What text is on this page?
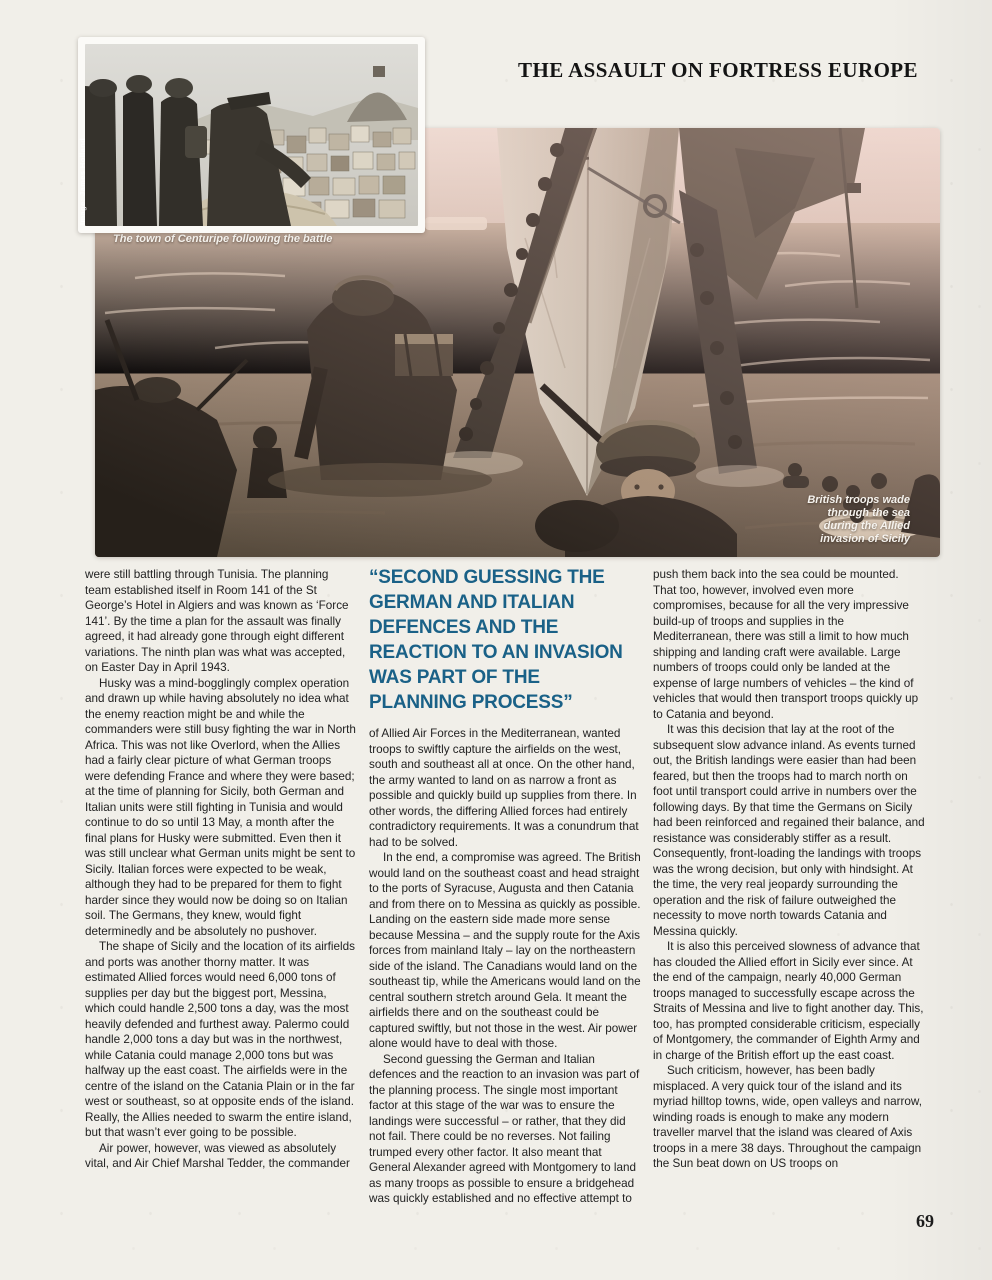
THE ASSAULT ON FORTRESS EUROPE
The town of Centuripe following the battle
British troops wade
through the sea
during the Allied
invasion of Sicily
Image: James Holland

were still battling through Tunisia. The planning team established itself in Room 141 of the St George’s Hotel in Algiers and was known as ‘Force 141’. By the time a plan for the assault was finally agreed, it had already gone through eight different variations. The ninth plan was what was accepted, on Easter Day in April 1943.

Husky was a mind-bogglingly complex operation and drawn up while having absolutely no idea what the enemy reaction might be and while the commanders were still busy fighting the war in North Africa. This was not like Overlord, when the Allies had a fairly clear picture of what German troops were defending France and where they were based; at the time of planning for Sicily, both German and Italian units were still fighting in Tunisia and would continue to do so until 13 May, a month after the final plans for Husky were submitted. Even then it was still unclear what German units might be sent to Sicily. Italian forces were expected to be weak, although they had to be prepared for them to fight harder since they would now be doing so on Italian soil. The Germans, they knew, would fight determinedly and be absolutely no pushover.

The shape of Sicily and the location of its airfields and ports was another thorny matter. It was estimated Allied forces would need 6,000 tons of supplies per day but the biggest port, Messina, which could handle 2,500 tons a day, was the most heavily defended and furthest away. Palermo could handle 2,000 tons a day but was in the northwest, while Catania could manage 2,000 tons but was halfway up the east coast. The airfields were in the centre of the island on the Catania Plain or in the far west or southeast, so at opposite ends of the island. Really, the Allies needed to swarm the entire island, but that wasn’t ever going to be possible.

Air power, however, was viewed as absolutely vital, and Air Chief Marshal Tedder, the commander

“SECOND GUESSING THE GERMAN AND ITALIAN DEFENCES AND THE REACTION TO AN INVASION WAS PART OF THE PLANNING PROCESS”

of Allied Air Forces in the Mediterranean, wanted troops to swiftly capture the airfields on the west, south and southeast all at once. On the other hand, the army wanted to land on as narrow a front as possible and quickly build up supplies from there. In other words, the differing Allied forces had entirely contradictory requirements. It was a conundrum that had to be solved.

In the end, a compromise was agreed. The British would land on the southeast coast and head straight to the ports of Syracuse, Augusta and then Catania and from there on to Messina as quickly as possible. Landing on the eastern side made more sense because Messina – and the supply route for the Axis forces from mainland Italy – lay on the northeastern side of the island. The Canadians would land on the southeast tip, while the Americans would land on the central southern stretch around Gela. It meant the airfields there and on the southeast could be captured swiftly, but not those in the west. Air power alone would have to deal with those.

Second guessing the German and Italian defences and the reaction to an invasion was part of the planning process. The single most important factor at this stage of the war was to ensure the landings were successful – or rather, that they did not fail. There could be no reverses. Not failing trumped every other factor. It also meant that General Alexander agreed with Montgomery to land as many troops as possible to ensure a bridgehead was quickly established and no effective attempt to

push them back into the sea could be mounted. That too, however, involved even more compromises, because for all the very impressive build-up of troops and supplies in the Mediterranean, there was still a limit to how much shipping and landing craft were available. Large numbers of troops could only be landed at the expense of large numbers of vehicles – the kind of vehicles that would then transport troops quickly up to Catania and beyond.

It was this decision that lay at the root of the subsequent slow advance inland. As events turned out, the British landings were easier than had been feared, but then the troops had to march north on foot until transport could arrive in numbers over the following days. By that time the Germans on Sicily had been reinforced and regained their balance, and resistance was considerably stiffer as a result. Consequently, front-loading the landings with troops was the wrong decision, but only with hindsight. At the time, the very real jeopardy surrounding the operation and the risk of failure outweighed the necessity to move north towards Catania and Messina quickly.

It is also this perceived slowness of advance that has clouded the Allied effort in Sicily ever since. At the end of the campaign, nearly 40,000 German troops managed to successfully escape across the Straits of Messina and live to fight another day. This, too, has prompted considerable criticism, especially of Montgomery, the commander of Eighth Army and in charge of the British effort up the east coast.

Such criticism, however, has been badly misplaced. A very quick tour of the island and its myriad hilltop towns, wide, open valleys and narrow, winding roads is enough to make any modern traveller marvel that the island was cleared of Axis troops in a mere 38 days. Throughout the campaign the Sun beat down on US troops on

69
